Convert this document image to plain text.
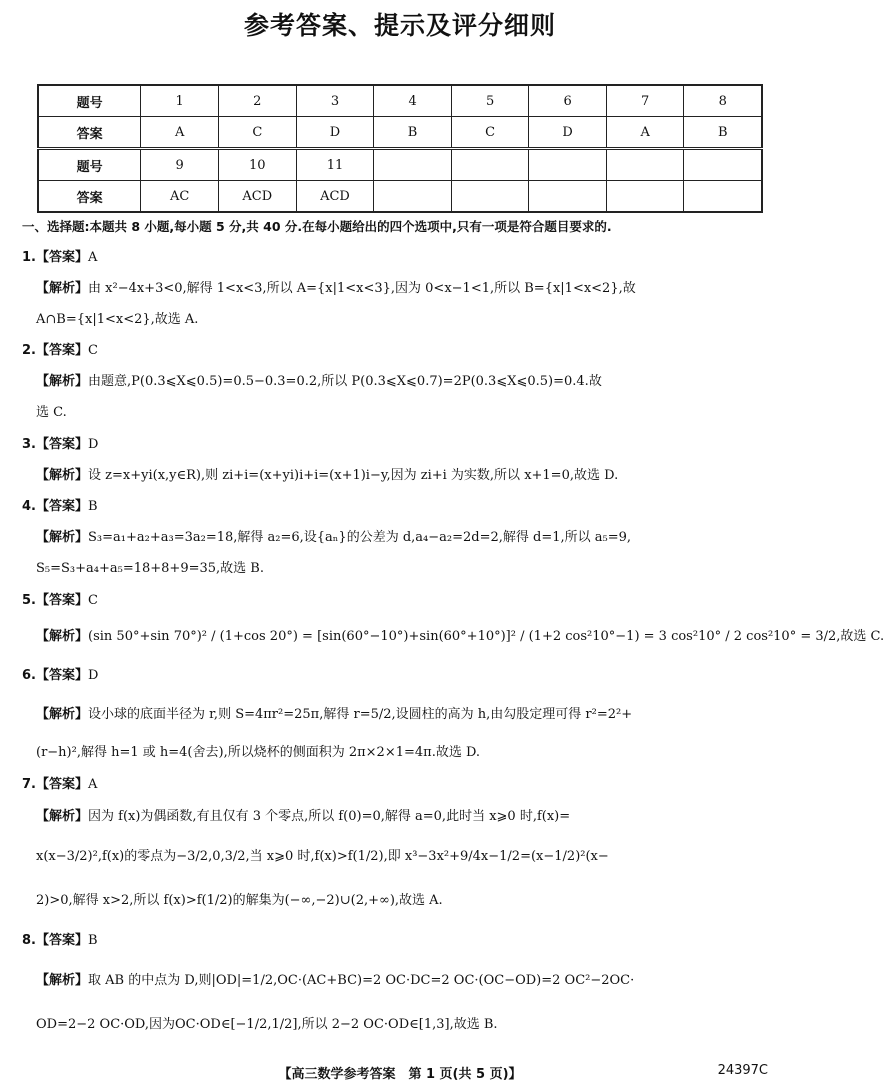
参考答案、提示及评分细则
题号	1	2	3	4	5	6	7	8
答案	A	C	D	B	C	D	A	B
题号	9	10	11					
答案	AC	ACD	ACD					
一、选择题:本题共 8 小题,每小题 5 分,共 40 分.在每小题给出的四个选项中,只有一项是符合题目要求的.
1.【答案】A
【解析】由 x²−4x+3<0,解得 1<x<3,所以 A={x|1<x<3},因为 0<x−1<1,所以 B={x|1<x<2},故
A∩B={x|1<x<2},故选 A.
2.【答案】C
【解析】由题意,P(0.3⩽X⩽0.5)=0.5−0.3=0.2,所以 P(0.3⩽X⩽0.7)=2P(0.3⩽X⩽0.5)=0.4.故
选 C.
3.【答案】D
【解析】设 z=x+yi(x,y∈R),则 zi+i=(x+yi)i+i=(x+1)i−y,因为 zi+i 为实数,所以 x+1=0,故选 D.
4.【答案】B
【解析】S₃=a₁+a₂+a₃=3a₂=18,解得 a₂=6,设{aₙ}的公差为 d,a₄−a₂=2d=2,解得 d=1,所以 a₅=9,
S₅=S₃+a₄+a₅=18+8+9=35,故选 B.
5.【答案】C
【解析】(sin 50°+sin 70°)² / (1+cos 20°) = [sin(60°−10°)+sin(60°+10°)]² / (1+2 cos²10°−1) = 3 cos²10° / 2 cos²10° = 3/2,故选 C.
6.【答案】D
【解析】设小球的底面半径为 r,则 S=4πr²=25π,解得 r=5/2,设圆柱的高为 h,由勾股定理可得 r²=2²+
(r−h)²,解得 h=1 或 h=4(舍去),所以烧杯的侧面积为 2π×2×1=4π.故选 D.
7.【答案】A
【解析】因为 f(x)为偶函数,有且仅有 3 个零点,所以 f(0)=0,解得 a=0,此时当 x⩾0 时,f(x)=
x(x−3/2)²,f(x)的零点为−3/2,0,3/2,当 x⩾0 时,f(x)>f(1/2),即 x³−3x²+9/4x−1/2=(x−1/2)²(x−
2)>0,解得 x>2,所以 f(x)>f(1/2)的解集为(−∞,−2)∪(2,+∞),故选 A.
8.【答案】B
【解析】取 AB 的中点为 D,则|OD|=1/2,OC·(AC+BC)=2 OC·DC=2 OC·(OC−OD)=2 OC²−2OC·
OD=2−2 OC·OD,因为OC·OD∈[−1/2,1/2],所以 2−2 OC·OD∈[1,3],故选 B.
【高三数学参考答案　第 1 页(共 5 页)】	24397C
